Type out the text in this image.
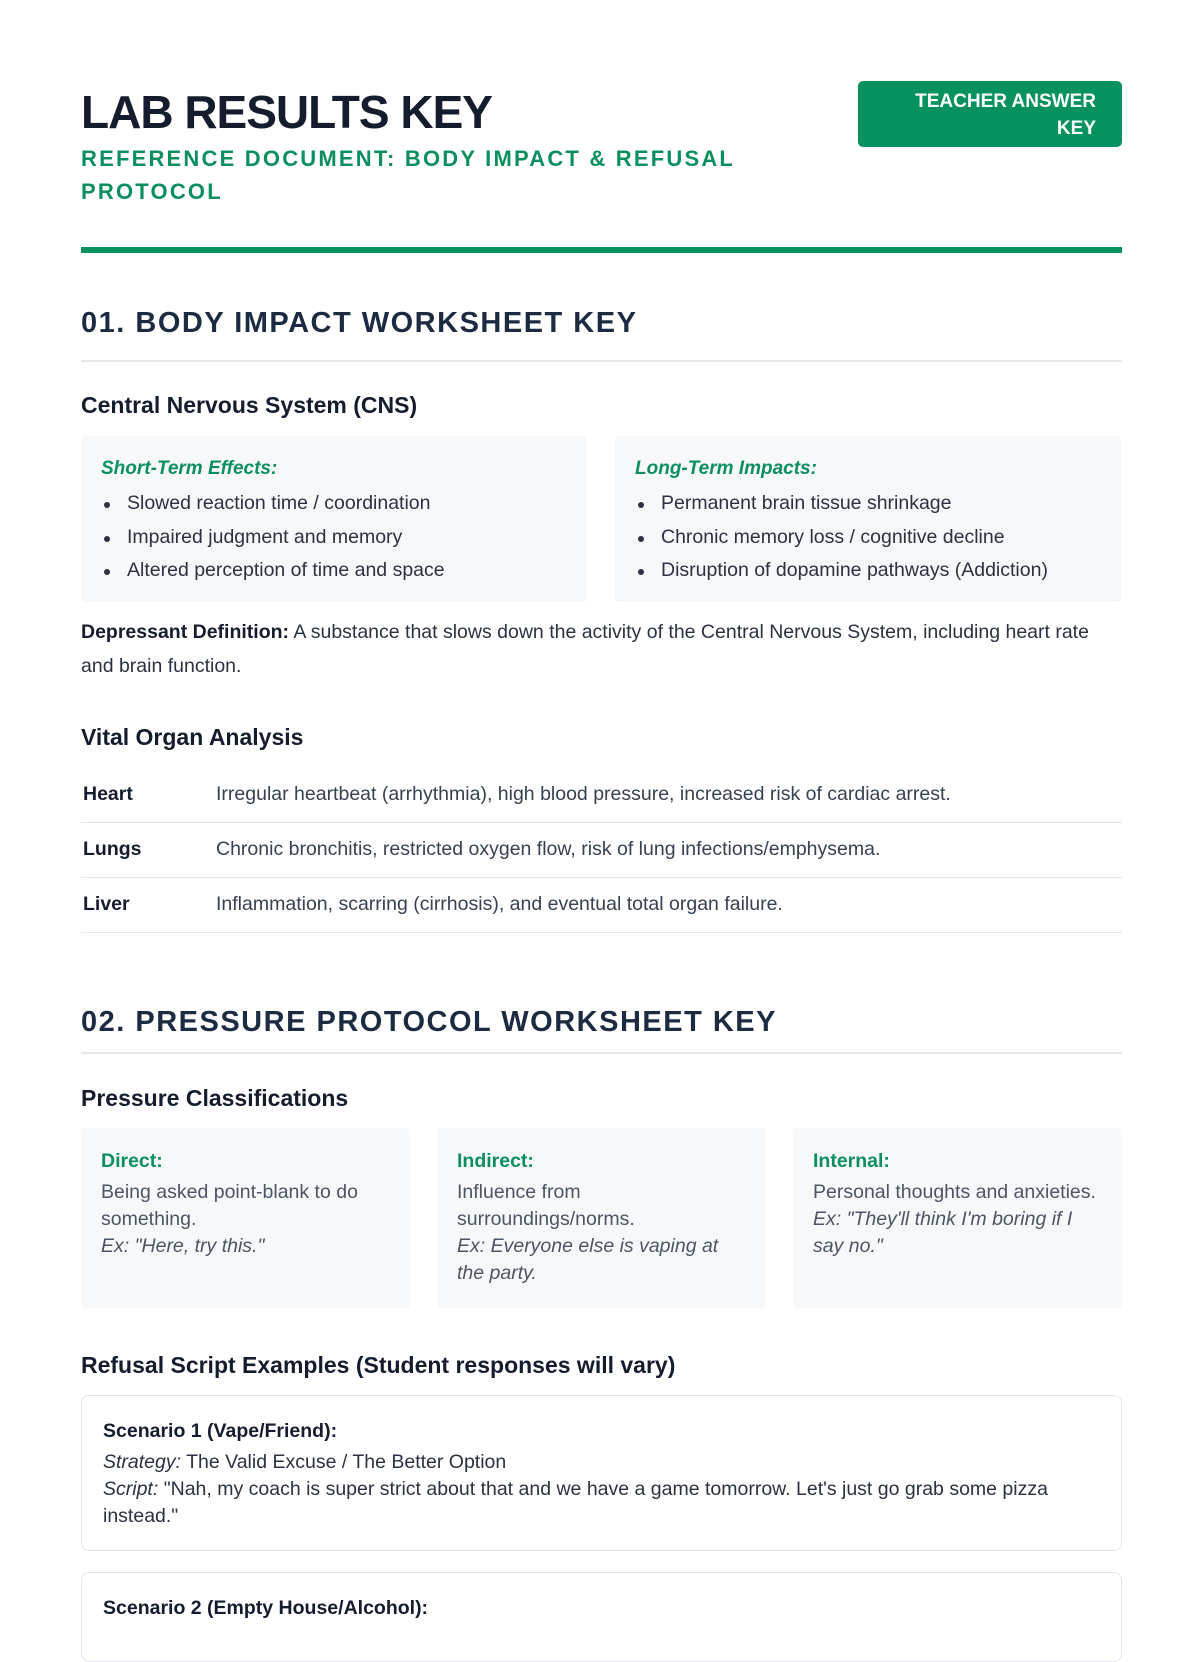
LAB RESULTS KEY
REFERENCE DOCUMENT: BODY IMPACT & REFUSAL PROTOCOL
TEACHER ANSWER KEY
01. BODY IMPACT WORKSHEET KEY
Central Nervous System (CNS)
Short-Term Effects:
Slowed reaction time / coordination
Impaired judgment and memory
Altered perception of time and space
Long-Term Impacts:
Permanent brain tissue shrinkage
Chronic memory loss / cognitive decline
Disruption of dopamine pathways (Addiction)

Depressant Definition: A substance that slows down the activity of the Central Nervous System, including heart rate and brain function.

Vital Organ Analysis
Heart	Irregular heartbeat (arrhythmia), high blood pressure, increased risk of cardiac arrest.
Lungs	Chronic bronchitis, restricted oxygen flow, risk of lung infections/emphysema.
Liver	Inflammation, scarring (cirrhosis), and eventual total organ failure.
02. PRESSURE PROTOCOL WORKSHEET KEY
Pressure Classifications
Direct:
Being asked point-blank to do something.
Ex: "Here, try this."
Indirect:
Influence from surroundings/norms.
Ex: Everyone else is vaping at the party.
Internal:
Personal thoughts and anxieties.
Ex: "They'll think I'm boring if I say no."
Refusal Script Examples (Student responses will vary)
Scenario 1 (Vape/Friend):
Strategy: The Valid Excuse / The Better Option
Script: "Nah, my coach is super strict about that and we have a game tomorrow. Let's just go grab some pizza instead."
Scenario 2 (Empty House/Alcohol):
